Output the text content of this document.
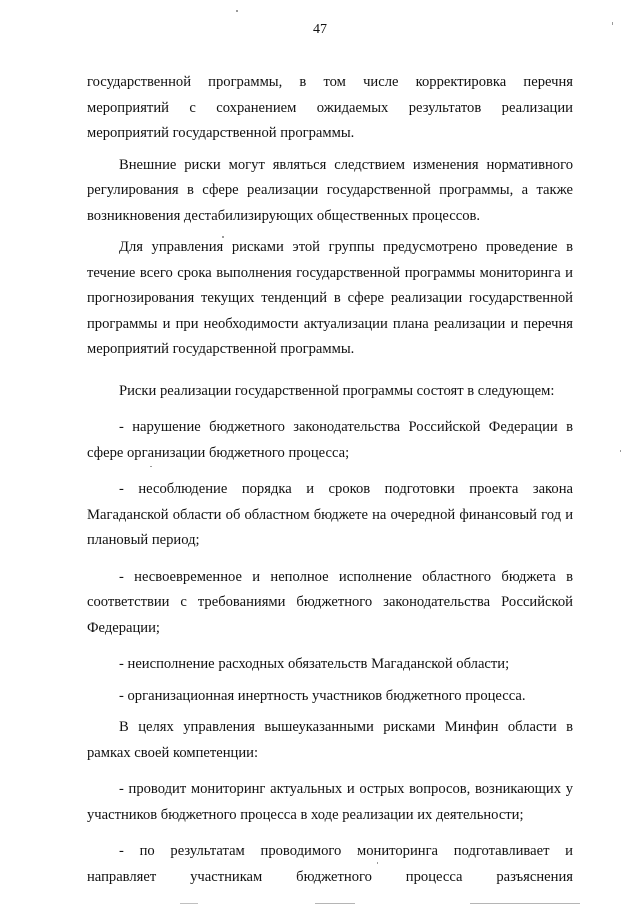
47

государственной программы, в том числе корректировка перечня мероприятий с сохранением ожидаемых результатов реализации мероприятий государственной программы.

Внешние риски могут являться следствием изменения нормативного регулирования в сфере реализации государственной программы, а также возникновения дестабилизирующих общественных процессов.

Для управления рисками этой группы предусмотрено проведение в течение всего срока выполнения государственной программы мониторинга и прогнозирования текущих тенденций в сфере реализации государственной программы и при необходимости актуализации плана реализации и перечня мероприятий государственной программы.

Риски реализации государственной программы состоят в следующем:

- нарушение бюджетного законодательства Российской Федерации в сфере организации бюджетного процесса;

- несоблюдение порядка и сроков подготовки проекта закона Магаданской области об областном бюджете на очередной финансовый год и плановый период;

- несвоевременное и неполное исполнение областного бюджета в соответствии с требованиями бюджетного законодательства Российской Федерации;

- неисполнение расходных обязательств Магаданской области;

- организационная инертность участников бюджетного процесса.

В целях управления вышеуказанными рисками Минфин области в рамках своей компетенции:

- проводит мониторинг актуальных и острых вопросов, возникающих у участников бюджетного процесса в ходе реализации их деятельности;

- по результатам проводимого мониторинга подготавливает и направляет участникам бюджетного процесса разъяснения
